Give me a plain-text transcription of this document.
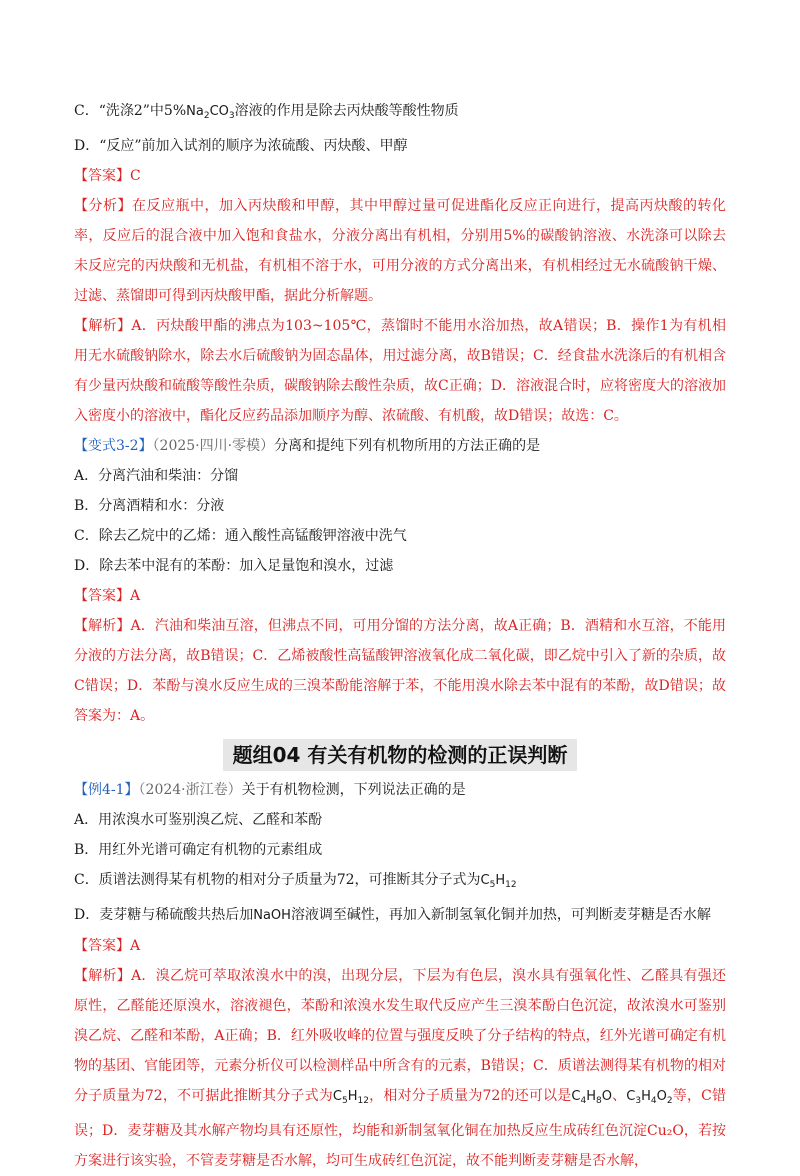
C．“洗涤2”中$5\%Na_2CO_3$溶液的作用是除去丙炔酸等酸性物质
D．“反应”前加入试剂的顺序为浓硫酸、丙炔酸、甲醇
【答案】C
【分析】在反应瓶中，加入丙炔酸和甲醇，其中甲醇过量可促进酯化反应正向进行，提高丙炔酸的转化率，反应后的混合液中加入饱和食盐水，分液分离出有机相，分别用5%的碳酸钠溶液、水洗涤可以除去未反应完的丙炔酸和无机盐，有机相不溶于水，可用分液的方式分离出来，有机相经过无水硫酸钠干燥、过滤、蒸馏即可得到丙炔酸甲酯，据此分析解题。
【解析】A．丙炔酸甲酯的沸点为103~105℃，蒸馏时不能用水浴加热，故A错误；B．操作1为有机相用无水硫酸钠除水，除去水后硫酸钠为固态晶体，用过滤分离，故B错误；C．经食盐水洗涤后的有机相含有少量丙炔酸和硫酸等酸性杂质，碳酸钠除去酸性杂质，故C正确；D．溶液混合时，应将密度大的溶液加入密度小的溶液中，酯化反应药品添加顺序为醇、浓硫酸、有机酸，故D错误；故选：C。
【变式3-2】（2025·四川·零模）分离和提纯下列有机物所用的方法正确的是
A．分离汽油和柴油：分馏
B．分离酒精和水：分液
C．除去乙烷中的乙烯：通入酸性高锰酸钾溶液中洗气
D．除去苯中混有的苯酚：加入足量饱和溴水，过滤
【答案】A
【解析】A．汽油和柴油互溶，但沸点不同，可用分馏的方法分离，故A正确；B．酒精和水互溶，不能用分液的方法分离，故B错误；C．乙烯被酸性高锰酸钾溶液氧化成二氧化碳，即乙烷中引入了新的杂质，故C错误；D．苯酚与溴水反应生成的三溴苯酚能溶解于苯，不能用溴水除去苯中混有的苯酚，故D错误；故答案为：A。
题组04 有关有机物的检测的正误判断
【例4-1】（2024·浙江卷）关于有机物检测，下列说法正确的是
A．用浓溴水可鉴别溴乙烷、乙醛和苯酚
B．用红外光谱可确定有机物的元素组成
C．质谱法测得某有机物的相对分子质量为72，可推断其分子式为$C_5H_{12}$
D．麦芽糖与稀硫酸共热后加NaOH溶液调至碱性，再加入新制氢氧化铜并加热，可判断麦芽糖是否水解
【答案】A
【解析】A．溴乙烷可萃取浓溴水中的溴，出现分层，下层为有色层，溴水具有强氧化性、乙醛具有强还原性，乙醛能还原溴水，溶液褪色，苯酚和浓溴水发生取代反应产生三溴苯酚白色沉淀，故浓溴水可鉴别溴乙烷、乙醛和苯酚，A正确；B．红外吸收峰的位置与强度反映了分子结构的特点，红外光谱可确定有机物的基团、官能团等，元素分析仪可以检测样品中所含有的元素，B错误；C．质谱法测得某有机物的相对分子质量为72，不可据此推断其分子式为$C_5H_{12}$，相对分子质量为72的还可以是$C_4H_8O$、$C_3H_4O_2$等，C错误；D．麦芽糖及其水解产物均具有还原性，均能和新制氢氧化铜在加热反应生成砖红色沉淀Cu₂O，若按方案进行该实验，不管麦芽糖是否水解，均可生成砖红色沉淀，故不能判断麦芽糖是否水解，
